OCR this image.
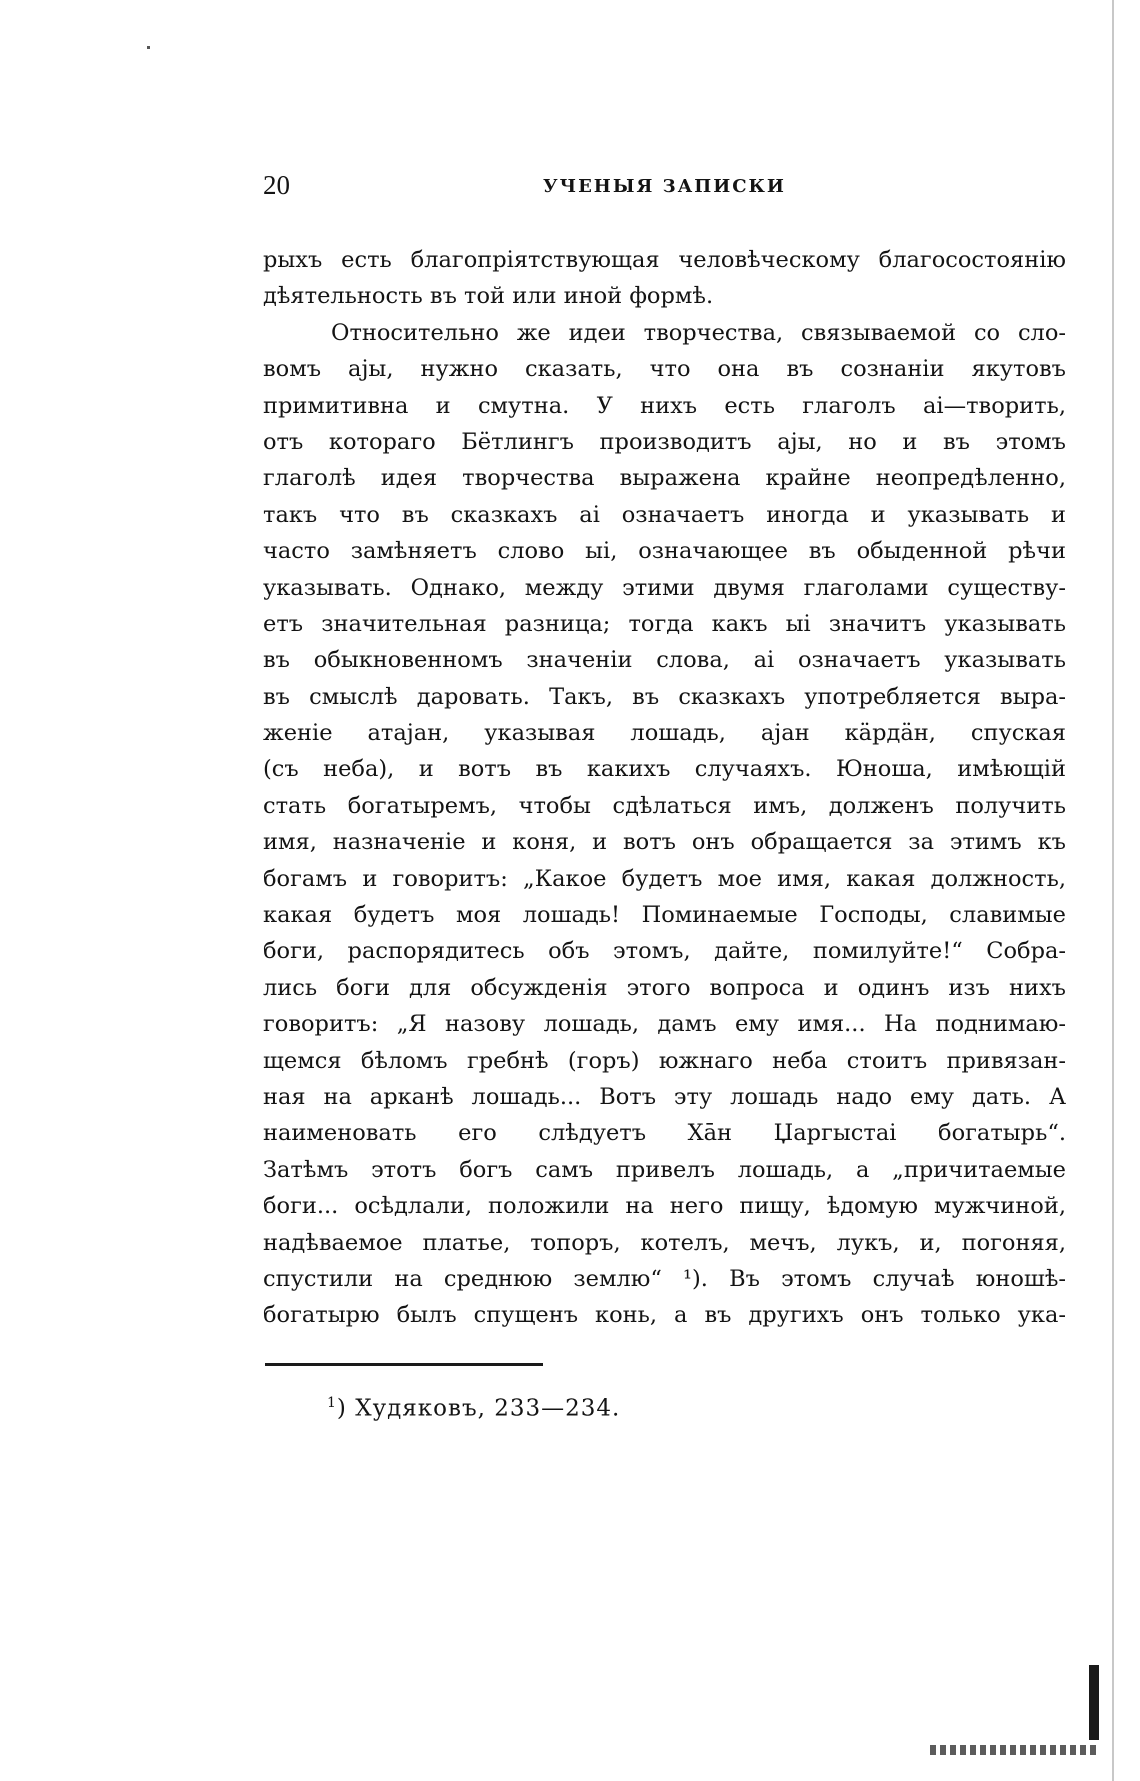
20	УЧЕНЫЯ ЗАПИСКИ
рыхъ есть благопріятствующая человѣческому благосостоянію
дѣятельность въ той или иной формѣ.
Относительно же идеи творчества, связываемой со сло-
вомъ аjы, нужно сказать, что она въ сознаніи якутовъ
примитивна и смутна. У нихъ есть глаголъ аі—творить,
отъ котораго Бётлингъ производитъ аjы, но и въ этомъ
глаголѣ идея творчества выражена крайне неопредѣленно,
такъ что въ сказкахъ аі означаетъ иногда и указывать и
часто замѣняетъ слово ыі, означающее въ обыденной рѣчи
указывать. Однако, между этими двумя глаголами существу-
етъ значительная разница; тогда какъ ыі значитъ указывать
въ обыкновенномъ значеніи слова, аі означаетъ указывать
въ смыслѣ даровать. Такъ, въ сказкахъ употребляется выра-
женіе атаjан, указывая лошадь, аjан кäрдäн, спуская
(съ неба), и вотъ въ какихъ случаяхъ. Юноша, имѣющій
стать богатыремъ, чтобы сдѣлаться имъ, долженъ получить
имя, назначеніе и коня, и вотъ онъ обращается за этимъ къ
богамъ и говоритъ: „Какое будетъ мое имя, какая должность,
какая будетъ моя лошадь! Поминаемые Господы, славимые
боги, распорядитесь объ этомъ, дайте, помилуйте!“ Собра-
лись боги для обсужденія этого вопроса и одинъ изъ нихъ
говоритъ: „Я назову лошадь, дамъ ему имя... На поднимаю-
щемся бѣломъ гребнѣ (горъ) южнаго неба стоитъ привязан-
ная на арканѣ лошадь... Вотъ эту лошадь надо ему дать. А
наименовать его слѣдуетъ Хāн Џаргыстаі богатырь“.
Затѣмъ этотъ богъ самъ привелъ лошадь, а „причитаемые
боги... осѣдлали, положили на него пищу, ѣдомую мужчиной,
надѣваемое платье, топоръ, котелъ, мечъ, лукъ, и, погоняя,
спустили на среднюю землю“ ¹). Въ этомъ случаѣ юношѣ-
богатырю былъ спущенъ конь, а въ другихъ онъ только ука-
$^1$) Худяковъ, 233—234.
